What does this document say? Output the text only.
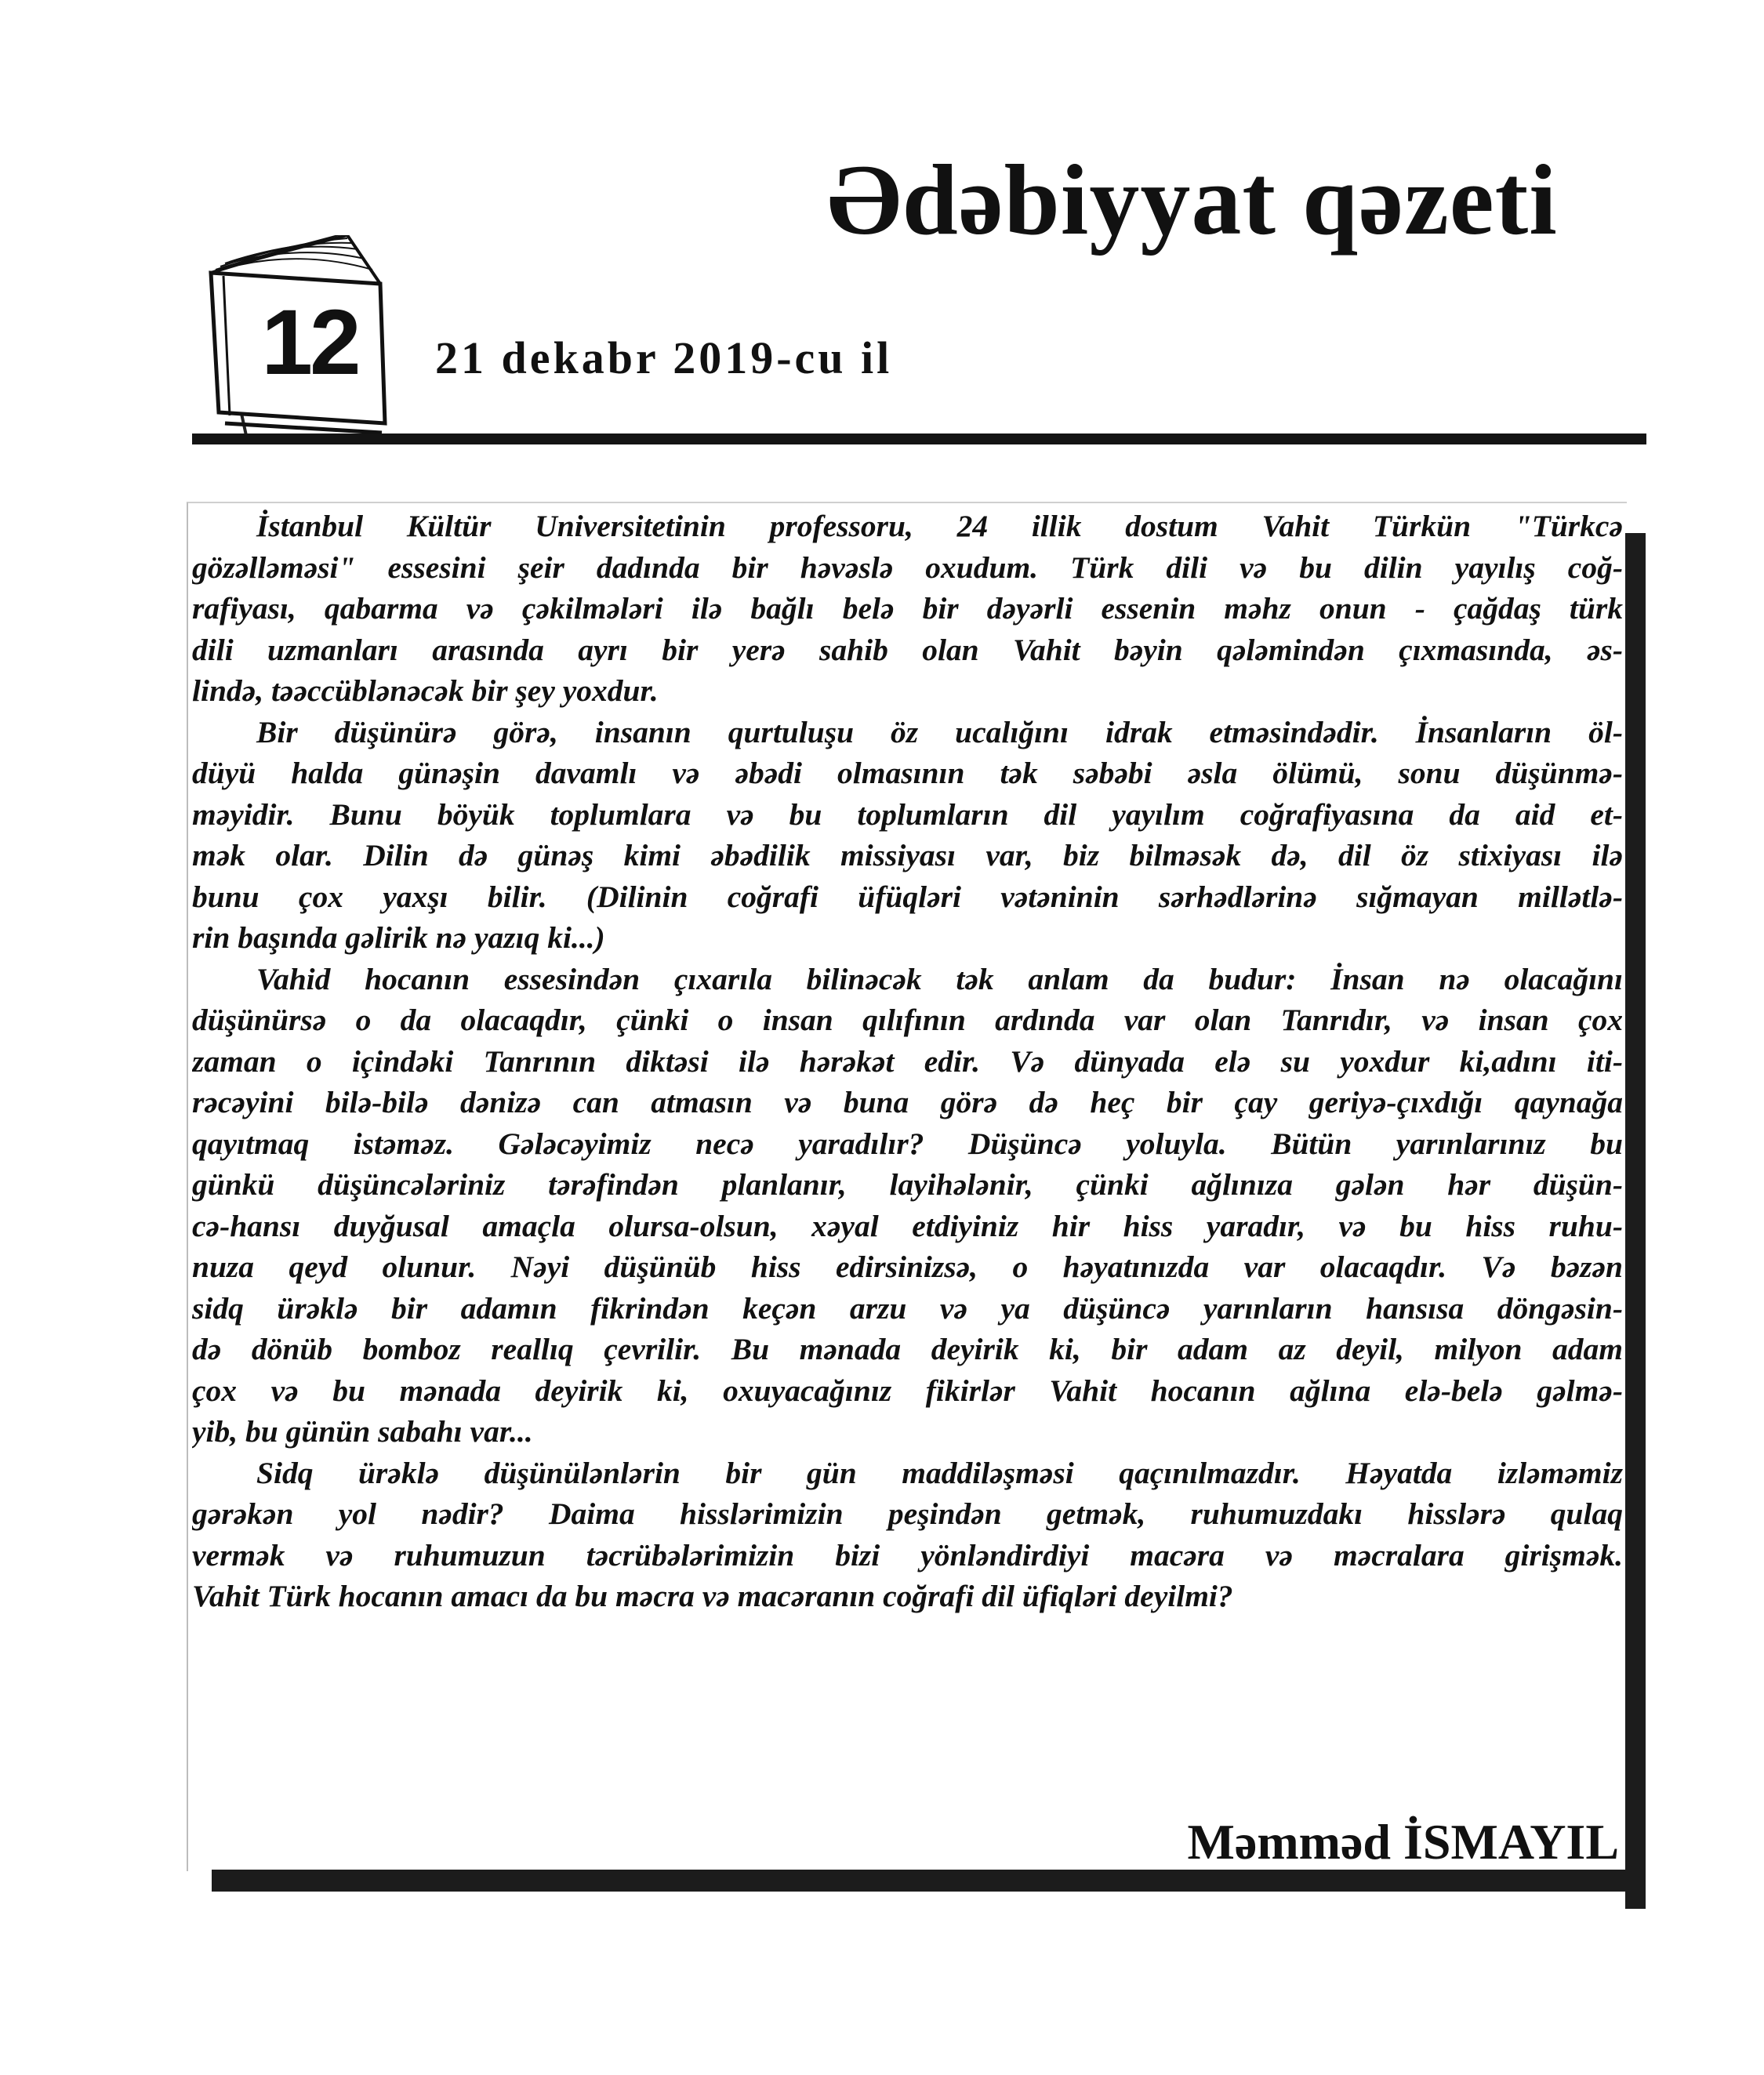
Ədəbiyyat qəzeti
12 21 dekabr 2019-cu il
İstanbul Kültür Universitetinin professoru, 24 illik dostum Vahit Türkün "Türkcə
gözəlləməsi" essesini şeir dadında bir həvəslə oxudum. Türk dili və bu dilin yayılış coğ-
rafiyası, qabarma və çəkilmələri ilə bağlı belə bir dəyərli essenin məhz onun - çağdaş türk
dili uzmanları arasında ayrı bir yerə sahib olan Vahit bəyin qələmindən çıxmasında, əs-
lində, təəccüblənəcək bir şey yoxdur.
Bir düşünürə görə, insanın qurtuluşu öz ucalığını idrak etməsindədir. İnsanların öl-
düyü halda günəşin davamlı və əbədi olmasının tək səbəbi əsla ölümü, sonu düşünmə-
məyidir. Bunu böyük toplumlara və bu toplumların dil yayılım coğrafiyasına da aid et-
mək olar. Dilin də günəş kimi əbədilik missiyası var, biz bilməsək də, dil öz stixiyası ilə
bunu çox yaxşı bilir. (Dilinin coğrafi üfüqləri vətəninin sərhədlərinə sığmayan millətlə-
rin başında gəlirik nə yazıq ki...)
Vahid hocanın essesindən çıxarıla bilinəcək tək anlam da budur: İnsan nə olacağını
düşünürsə o da olacaqdır, çünki o insan qılıfının ardında var olan Tanrıdır, və insan çox
zaman o içindəki Tanrının diktəsi ilə hərəkət edir. Və dünyada elə su yoxdur ki,adını iti-
rəcəyini bilə-bilə dənizə can atmasın və buna görə də heç bir çay geriyə-çıxdığı qaynağa
qayıtmaq istəməz. Gələcəyimiz necə yaradılır? Düşüncə yoluyla. Bütün yarınlarınız bu
günkü düşüncələriniz tərəfindən planlanır, layihələnir, çünki ağlınıza gələn hər düşün-
cə-hansı duyğusal amaçla olursa-olsun, xəyal etdiyiniz hir hiss yaradır, və bu hiss ruhu-
nuza qeyd olunur. Nəyi düşünüb hiss edirsinizsə, o həyatınızda var olacaqdır. Və bəzən
sidq ürəklə bir adamın fikrindən keçən arzu və ya düşüncə yarınların hansısa döngəsin-
də dönüb bomboz reallıq çevrilir. Bu mənada deyirik ki, bir adam az deyil, milyon adam
çox və bu mənada deyirik ki, oxuyacağınız fikirlər Vahit hocanın ağlına elə-belə gəlmə-
yib, bu günün sabahı var...
Sidq ürəklə düşünülənlərin bir gün maddiləşməsi qaçınılmazdır. Həyatda izləməmiz
gərəkən yol nədir? Daima hisslərimizin peşindən getmək, ruhumuzdakı hisslərə qulaq
vermək və ruhumuzun təcrübələrimizin bizi yönləndirdiyi macəra və məcralara girişmək.
Vahit Türk hocanın amacı da bu məcra və macəranın coğrafi dil üfiqləri deyilmi?
Məmməd İSMAYIL
